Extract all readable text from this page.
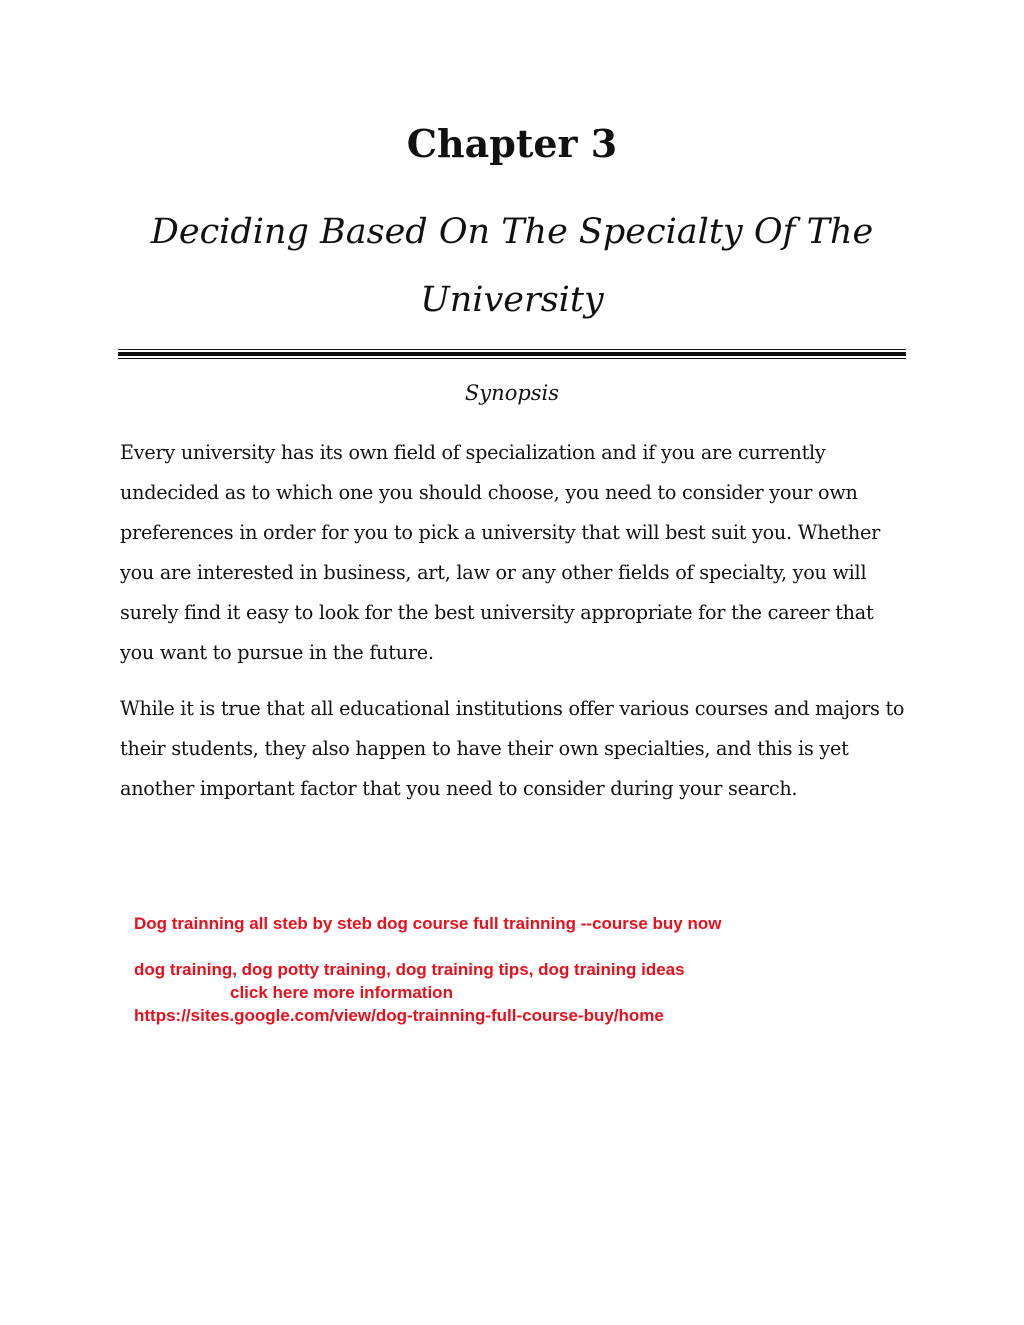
Chapter 3
Deciding Based On The Specialty Of The University
Synopsis

Every university has its own field of specialization and if you are currently undecided as to which one you should choose, you need to consider your own preferences in order for you to pick a university that will best suit you. Whether you are interested in business, art, law or any other fields of specialty, you will surely find it easy to look for the best university appropriate for the career that you want to pursue in the future.

While it is true that all educational institutions offer various courses and majors to their students, they also happen to have their own specialties, and this is yet another important factor that you need to consider during your search.

Dog trainning all steb by steb dog course full trainning --course buy now
dog training, dog potty training, dog training tips, dog training ideas
click here more information
https://sites.google.com/view/dog-trainning-full-course-buy/home
